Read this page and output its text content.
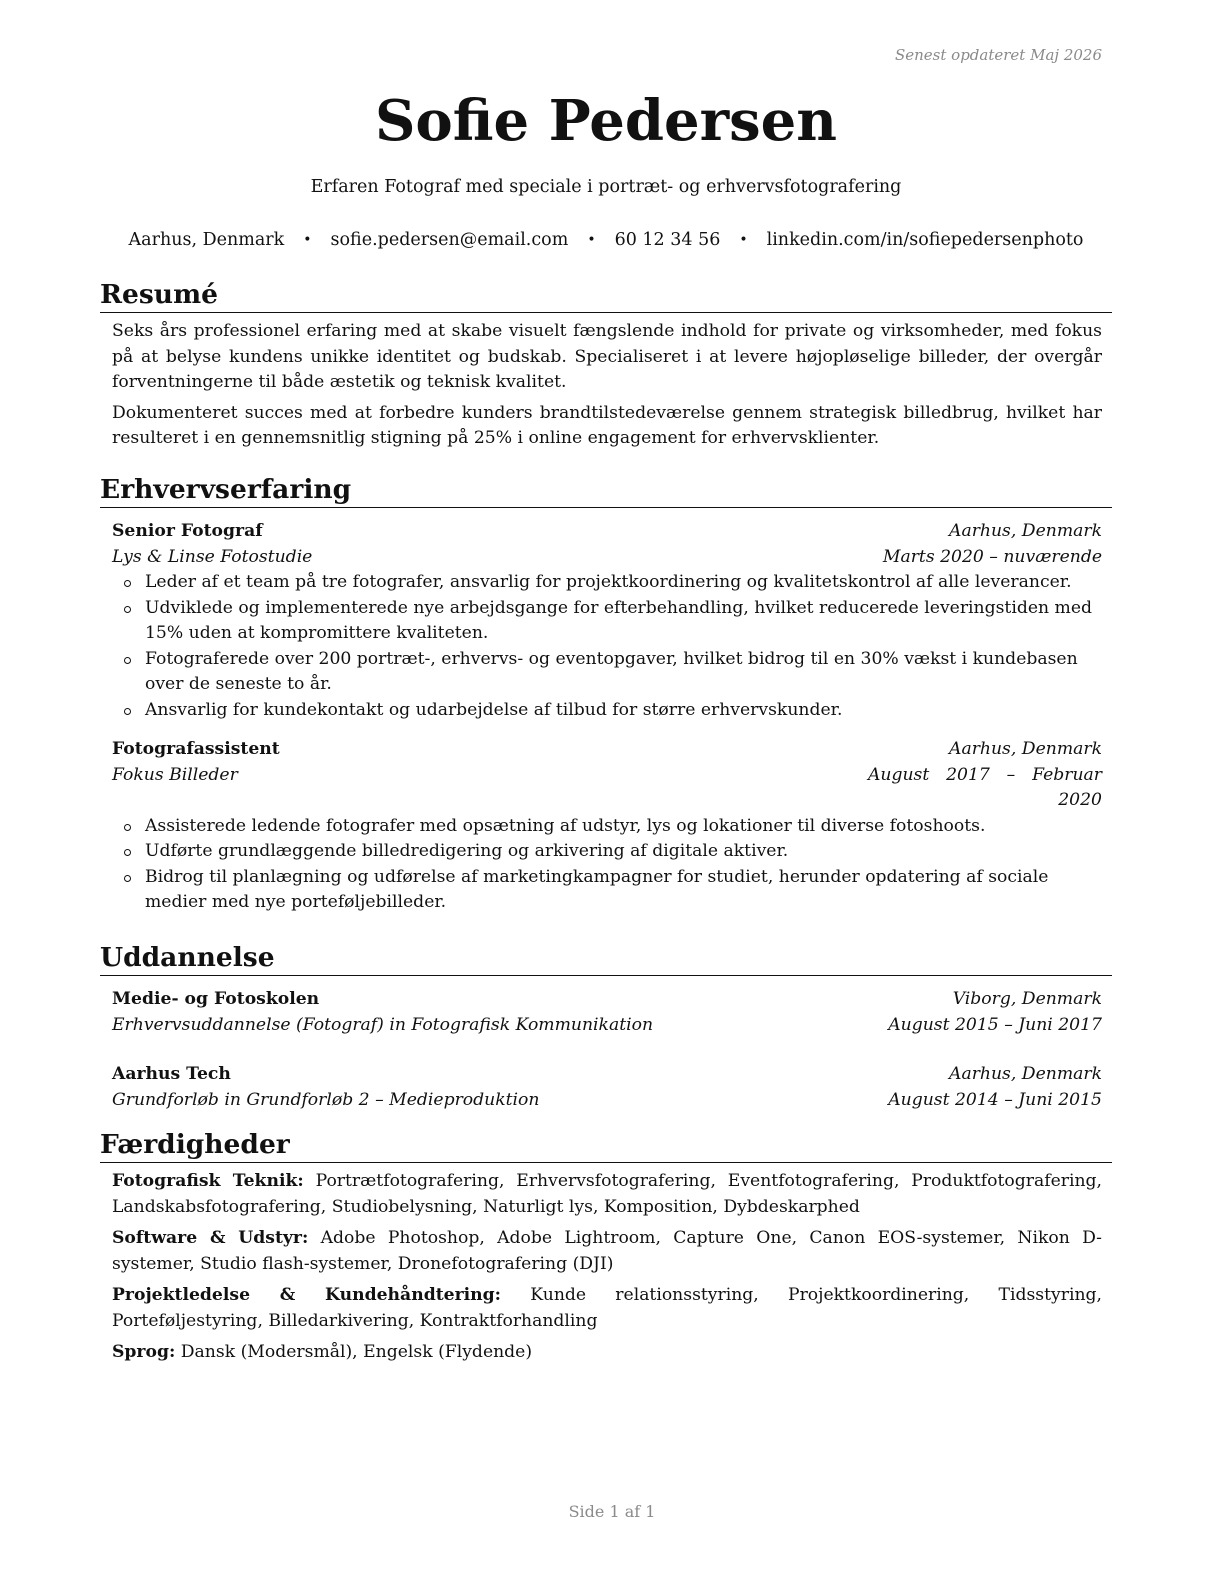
Senest opdateret Maj 2026
Sofie Pedersen
Erfaren Fotograf med speciale i portræt- og erhvervsfotografering
Aarhus, Denmark • sofie.pedersen@email.com • 60 12 34 56 • linkedin.com/in/sofiepedersenphoto
Resumé

Seks års professionel erfaring med at skabe visuelt fængslende indhold for private og virksomheder, med fokus på at belyse kundens unikke identitet og budskab. Specialiseret i at levere højopløselige billeder, der overgår forventningerne til både æstetik og teknisk kvalitet.

Dokumenteret succes med at forbedre kunders brandtilstedeværelse gennem strategisk billedbrug, hvilket har resulteret i en gennemsnitlig stigning på 25% i online engagement for erhvervsklienter.

Erhvervserfaring
Senior Fotograf	Aarhus, Denmark
Lys & Linse Fotostudie	Marts 2020 – nuværende
Leder af et team på tre fotografer, ansvarlig for projektkoordinering og kvalitetskontrol af alle leverancer.
Udviklede og implementerede nye arbejdsgange for efterbehandling, hvilket reducerede leveringstiden med 15% uden at kompromittere kvaliteten.
Fotograferede over 200 portræt-, erhvervs- og eventopgaver, hvilket bidrog til en 30% vækst i kundebasen over de seneste to år.
Ansvarlig for kundekontakt og udarbejdelse af tilbud for større erhvervskunder.
Fotografassistent	Aarhus, Denmark
Fokus Billeder	August 2017 – Februar 2020
Assisterede ledende fotografer med opsætning af udstyr, lys og lokationer til diverse fotoshoots.
Udførte grundlæggende billedredigering og arkivering af digitale aktiver.
Bidrog til planlægning og udførelse af marketingkampagner for studiet, herunder opdatering af sociale medier med nye porteføljebilleder.
Uddannelse
Medie- og Fotoskolen	Viborg, Denmark
Erhvervsuddannelse (Fotograf) in Fotografisk Kommunikation	August 2015 – Juni 2017
Aarhus Tech	Aarhus, Denmark
Grundforløb in Grundforløb 2 – Medieproduktion	August 2014 – Juni 2015
Færdigheder
Fotografisk Teknik: Portrætfotografering, Erhvervsfotografering, Eventfotografering, Produktfotografering, Landskabsfotografering, Studiobelysning, Naturligt lys, Komposition, Dybdeskarphed
Software & Udstyr: Adobe Photoshop, Adobe Lightroom, Capture One, Canon EOS-systemer, Nikon D-systemer, Studio flash-systemer, Dronefotografering (DJI)
Projektledelse & Kundehåndtering: Kunde relationsstyring, Projektkoordinering, Tidsstyring, Porteføljestyring, Billedarkivering, Kontraktforhandling
Sprog: Dansk (Modersmål), Engelsk (Flydende)
Side 1 af 1
